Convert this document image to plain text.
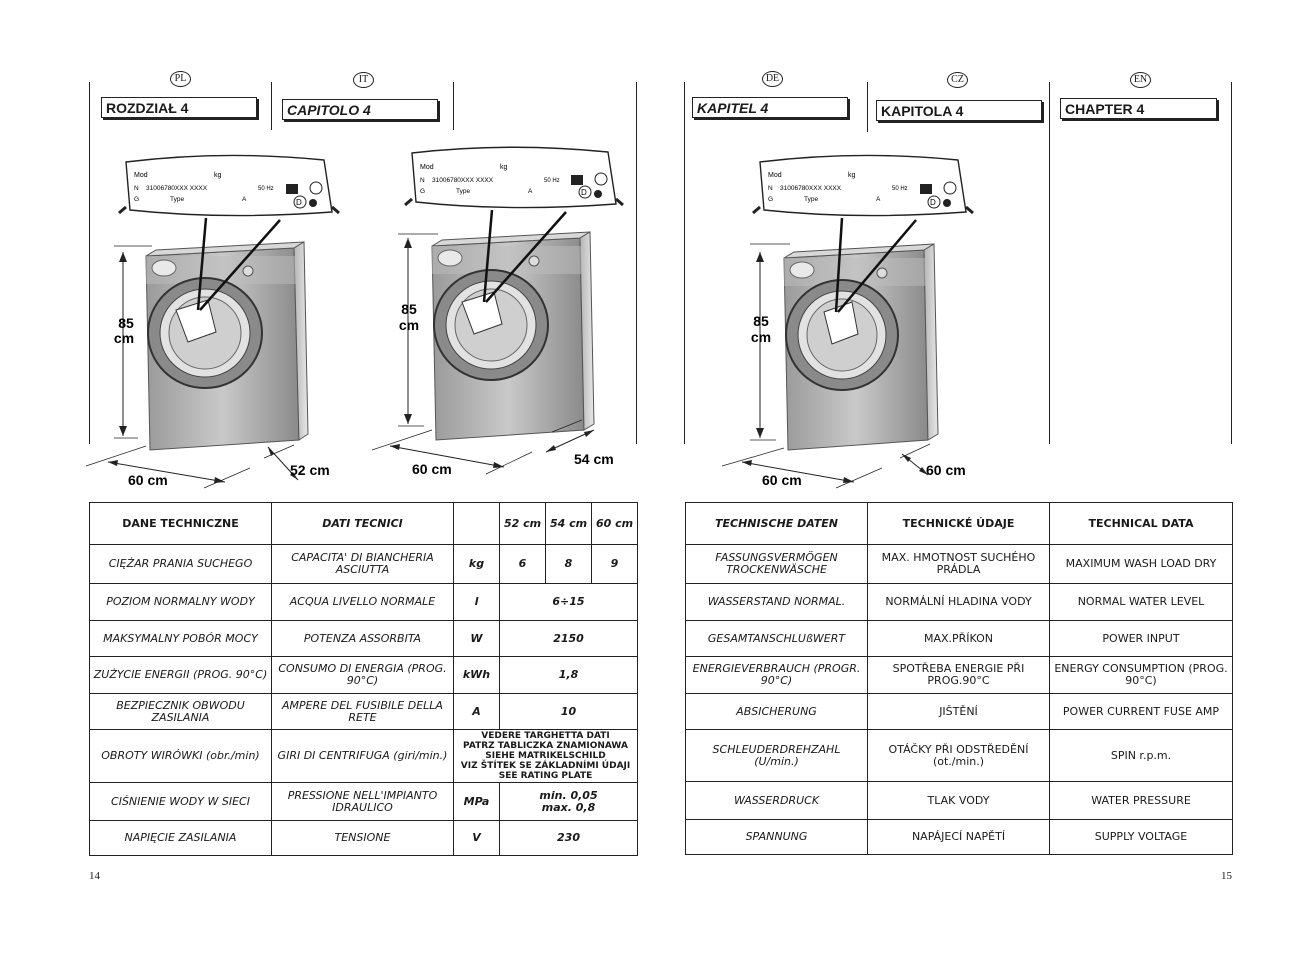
PL	IT	DE	CZ	EN
ROZDZIAŁ 4	CAPITOLO 4	KAPITEL 4	KAPITOLA 4	CHAPTER 4
Mod
N 31006780XXX XXXX
G	Type
kg
50 Hz
A	D
85
cm
60 cm
52 cm
Mod
N 31006780XXX XXXX
G	Type
kg
50 Hz
A	D
85
cm
60 cm
54 cm
Mod
N 31006780XXX XXXX
G	Type
kg
50 Hz
A	D
85
cm
60 cm
60 cm
DANE TECHNICZNE	DATI TECNICI		52 cm	54 cm	60 cm
CIĘŻAR PRANIA SUCHEGO	CAPACITA' DI BIANCHERIA ASCIUTTA	kg	6	8	9
POZIOM NORMALNY WODY	ACQUA LIVELLO NORMALE	l	6÷15		
MAKSYMALNY POBÓR MOCY	POTENZA ASSORBITA	W	2150		
ZUŻYCIE ENERGII (PROG. 90°C)	CONSUMO DI ENERGIA (PROG. 90°C)	kWh	1,8		
BEZPIECZNIK OBWODU ZASILANIA	AMPERE DEL FUSIBILE DELLA RETE	A	10		
OBROTY WIRÓWKI (obr./min)	GIRI DI CENTRIFUGA (giri/min.)	VEDERE TARGHETTA DATI
PATRZ TABLICZKA ZNAMIONAWA
SIEHE MATRIKELSCHILD
VIZ ŠTÍTEK SE ZÁKLADNÍMI ÚDAJI
SEE RATING PLATE			

CIŚNIENIE WODY W SIECI	PRESSIONE NELL'IMPIANTO IDRAULICO	MPa	min. 0,05
max. 0,8		

NAPIĘCIE ZASILANIA	TENSIONE	V	230		
TECHNISCHE DATEN	TECHNICKÉ ÚDAJE	TECHNICAL DATA
FASSUNGSVERMÖGEN TROCKENWÄSCHE	MAX. HMOTNOST SUCHÉHO PRÁDLA	MAXIMUM WASH LOAD DRY
WASSERSTAND NORMAL.	NORMÁLNÍ HLADINA VODY	NORMAL WATER LEVEL
GESAMTANSCHLUßWERT	MAX.PŘÍKON	POWER INPUT
ENERGIEVERBRAUCH (PROGR. 90°C)	SPOTŘEBA ENERGIE PŘI PROG.90°C	ENERGY CONSUMPTION (PROG. 90°C)
ABSICHERUNG	JIŠTĚNÍ	POWER CURRENT FUSE AMP
SCHLEUDERDREHZAHL (U/min.)	OTÁČKY PŘI ODSTŘEDĚNÍ (ot./min.)	SPIN r.p.m.
WASSERDRUCK	TLAK VODY	WATER PRESSURE
SPANNUNG	NAPÁJECÍ NAPĚTÍ	SUPPLY VOLTAGE
14	15
